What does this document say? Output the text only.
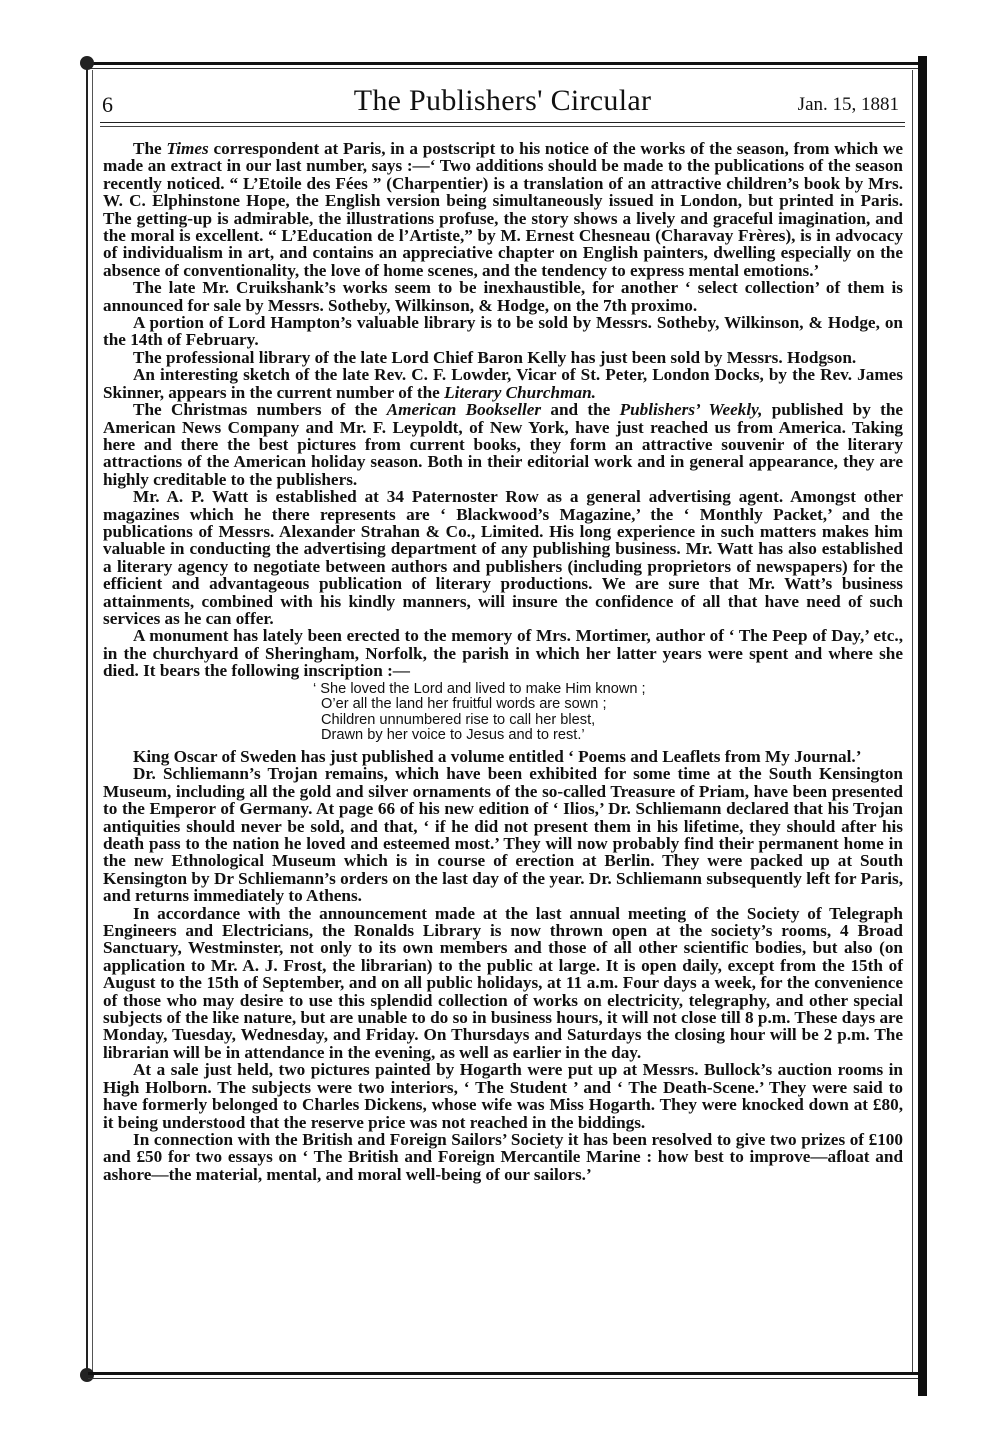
6	The Publishers' Circular	Jan. 15, 1881

The Times correspondent at Paris, in a postscript to his notice of the works of the season, from which we made an extract in our last number, says :—‘ Two additions should be made to the publications of the season recently noticed. “ L’Etoile des Fées ” (Charpentier) is a translation of an attractive children’s book by Mrs. W. C. Elphinstone Hope, the English version being simultaneously issued in London, but printed in Paris. The getting-up is admirable, the illustrations profuse, the story shows a lively and graceful imagination, and the moral is excellent. “ L’Education de l’Artiste,” by M. Ernest Chesneau (Charavay Frères), is in advocacy of individualism in art, and contains an appreciative chapter on English painters, dwelling especially on the absence of conventionality, the love of home scenes, and the tendency to express mental emotions.’

The late Mr. Cruikshank’s works seem to be inexhaustible, for another ‘ select collection’ of them is announced for sale by Messrs. Sotheby, Wilkinson, & Hodge, on the 7th proximo.

A portion of Lord Hampton’s valuable library is to be sold by Messrs. Sotheby, Wilkinson, & Hodge, on the 14th of February.

The professional library of the late Lord Chief Baron Kelly has just been sold by Messrs. Hodgson.

An interesting sketch of the late Rev. C. F. Lowder, Vicar of St. Peter, London Docks, by the Rev. James Skinner, appears in the current number of the Literary Churchman.

The Christmas numbers of the American Bookseller and the Publishers’ Weekly, published by the American News Company and Mr. F. Leypoldt, of New York, have just reached us from America. Taking here and there the best pictures from current books, they form an attractive souvenir of the literary attractions of the American holiday season. Both in their editorial work and in general appearance, they are highly creditable to the publishers.

Mr. A. P. Watt is established at 34 Paternoster Row as a general advertising agent. Amongst other magazines which he there represents are ‘ Blackwood’s Magazine,’ the ‘ Monthly Packet,’ and the publications of Messrs. Alexander Strahan & Co., Limited. His long experience in such matters makes him valuable in conducting the advertising department of any publishing business. Mr. Watt has also established a literary agency to negotiate between authors and publishers (including proprietors of newspapers) for the efficient and advantageous publication of literary productions. We are sure that Mr. Watt’s business attainments, combined with his kindly manners, will insure the confidence of all that have need of such services as he can offer.

A monument has lately been erected to the memory of Mrs. Mortimer, author of ‘ The Peep of Day,’ etc., in the churchyard of Sheringham, Norfolk, the parish in which her latter years were spent and where she died. It bears the following inscription :—

‘ She loved the Lord and lived to make Him known ;
O’er all the land her fruitful words are sown ;
Children unnumbered rise to call her blest,
Drawn by her voice to Jesus and to rest.’

King Oscar of Sweden has just published a volume entitled ‘ Poems and Leaflets from My Journal.’

Dr. Schliemann’s Trojan remains, which have been exhibited for some time at the South Kensington Museum, including all the gold and silver ornaments of the so-called Treasure of Priam, have been presented to the Emperor of Germany. At page 66 of his new edition of ‘ Ilios,’ Dr. Schliemann declared that his Trojan antiquities should never be sold, and that, ‘ if he did not present them in his lifetime, they should after his death pass to the nation he loved and esteemed most.’ They will now probably find their permanent home in the new Ethnological Museum which is in course of erection at Berlin. They were packed up at South Kensington by Dr Schliemann’s orders on the last day of the year. Dr. Schliemann subsequently left for Paris, and returns immediately to Athens.

In accordance with the announcement made at the last annual meeting of the Society of Telegraph Engineers and Electricians, the Ronalds Library is now thrown open at the society’s rooms, 4 Broad Sanctuary, Westminster, not only to its own members and those of all other scientific bodies, but also (on application to Mr. A. J. Frost, the librarian) to the public at large. It is open daily, except from the 15th of August to the 15th of September, and on all public holidays, at 11 a.m. Four days a week, for the convenience of those who may desire to use this splendid collection of works on electricity, telegraphy, and other special subjects of the like nature, but are unable to do so in business hours, it will not close till 8 p.m. These days are Monday, Tuesday, Wednesday, and Friday. On Thursdays and Saturdays the closing hour will be 2 p.m. The librarian will be in attendance in the evening, as well as earlier in the day.

At a sale just held, two pictures painted by Hogarth were put up at Messrs. Bullock’s auction rooms in High Holborn. The subjects were two interiors, ‘ The Student ’ and ‘ The Death-Scene.’ They were said to have formerly belonged to Charles Dickens, whose wife was Miss Hogarth. They were knocked down at £80, it being understood that the reserve price was not reached in the biddings.

In connection with the British and Foreign Sailors’ Society it has been resolved to give two prizes of £100 and £50 for two essays on ‘ The British and Foreign Mercantile Marine : how best to improve—afloat and ashore—the material, mental, and moral well-being of our sailors.’
